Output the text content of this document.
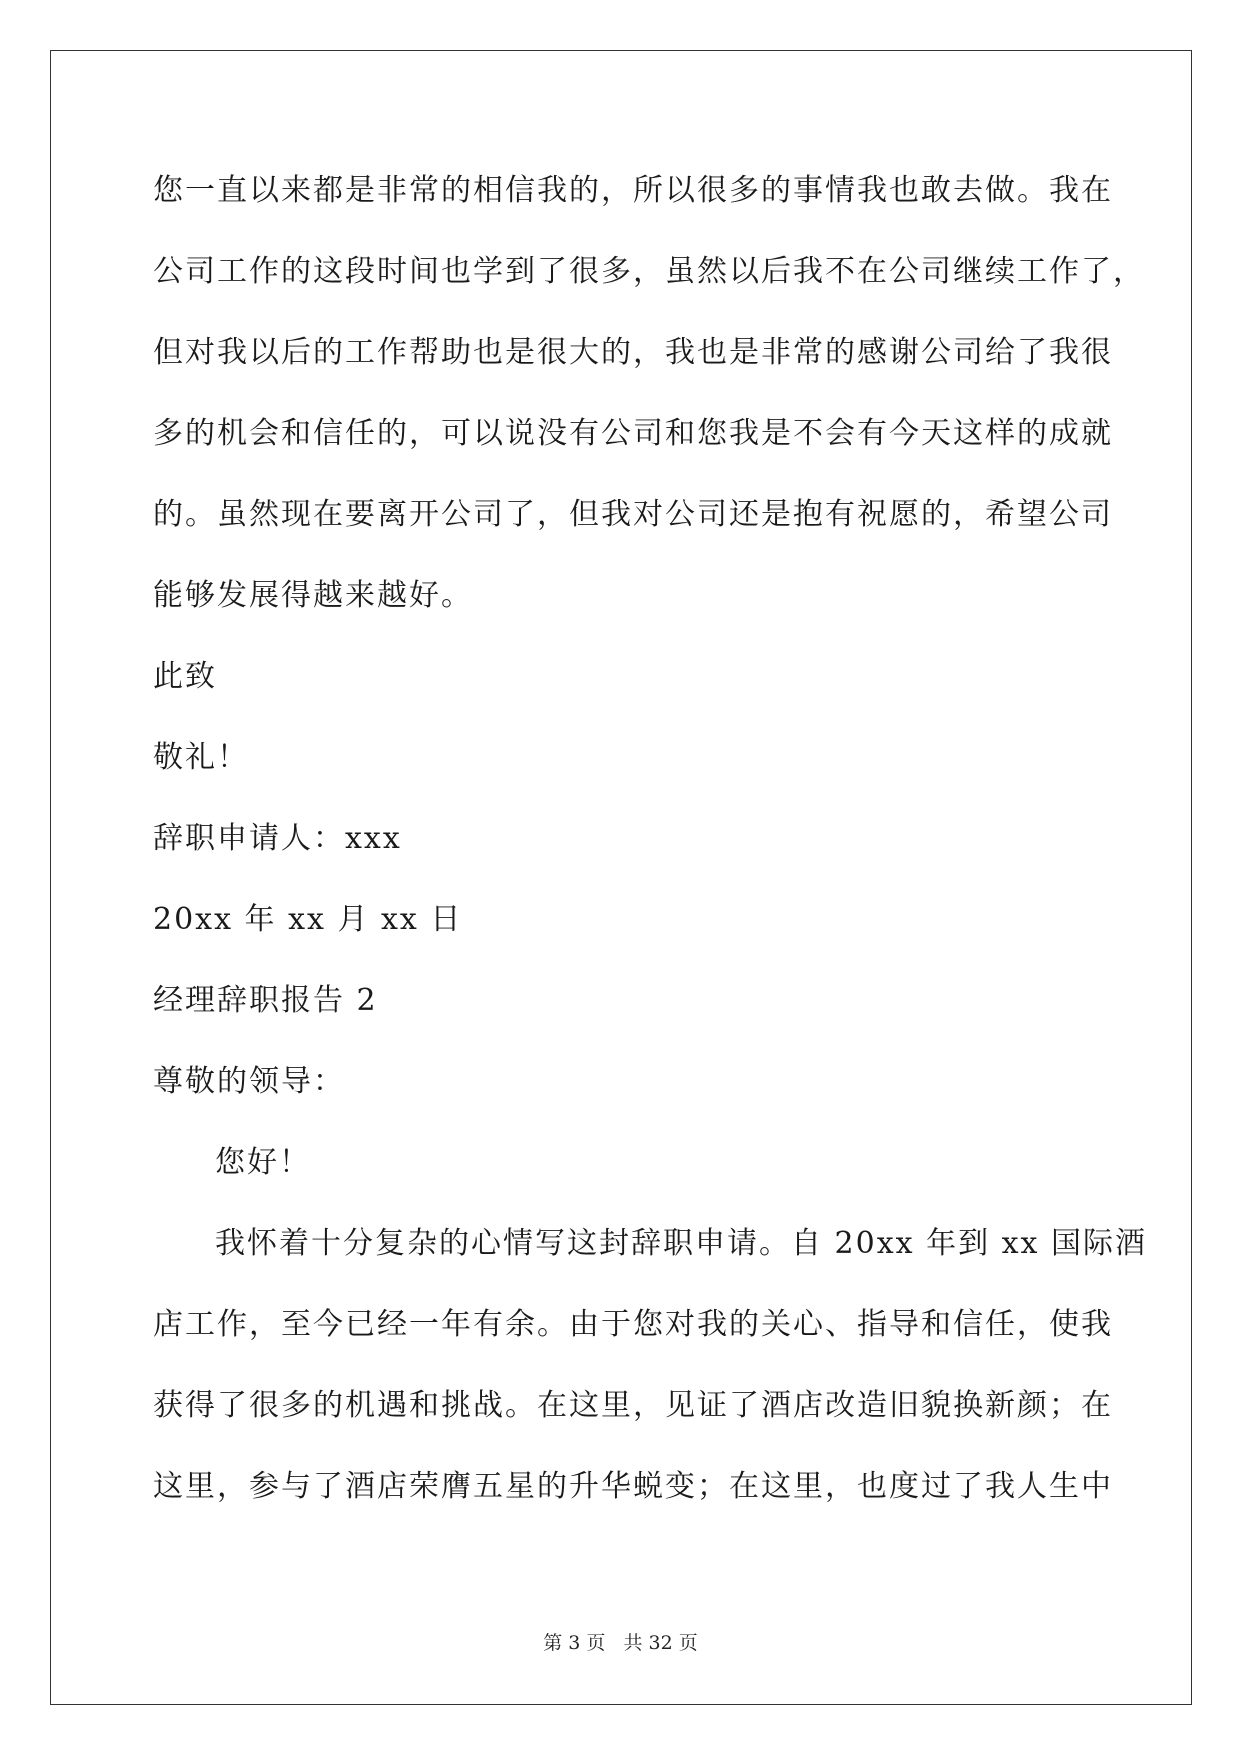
您一直以来都是非常的相信我的，所以很多的事情我也敢去做。我在
公司工作的这段时间也学到了很多，虽然以后我不在公司继续工作了，
但对我以后的工作帮助也是很大的，我也是非常的感谢公司给了我很
多的机会和信任的，可以说没有公司和您我是不会有今天这样的成就
的。虽然现在要离开公司了，但我对公司还是抱有祝愿的，希望公司
能够发展得越来越好。
此致
敬礼！
辞职申请人：xxx
20xx 年 xx 月 xx 日
经理辞职报告 2
尊敬的领导：
您好！
我怀着十分复杂的心情写这封辞职申请。自 20xx 年到 xx 国际酒
店工作，至今已经一年有余。由于您对我的关心、指导和信任，使我
获得了很多的机遇和挑战。在这里，见证了酒店改造旧貌换新颜；在
这里，参与了酒店荣膺五星的升华蜕变；在这里，也度过了我人生中
第 3 页 共 32 页
